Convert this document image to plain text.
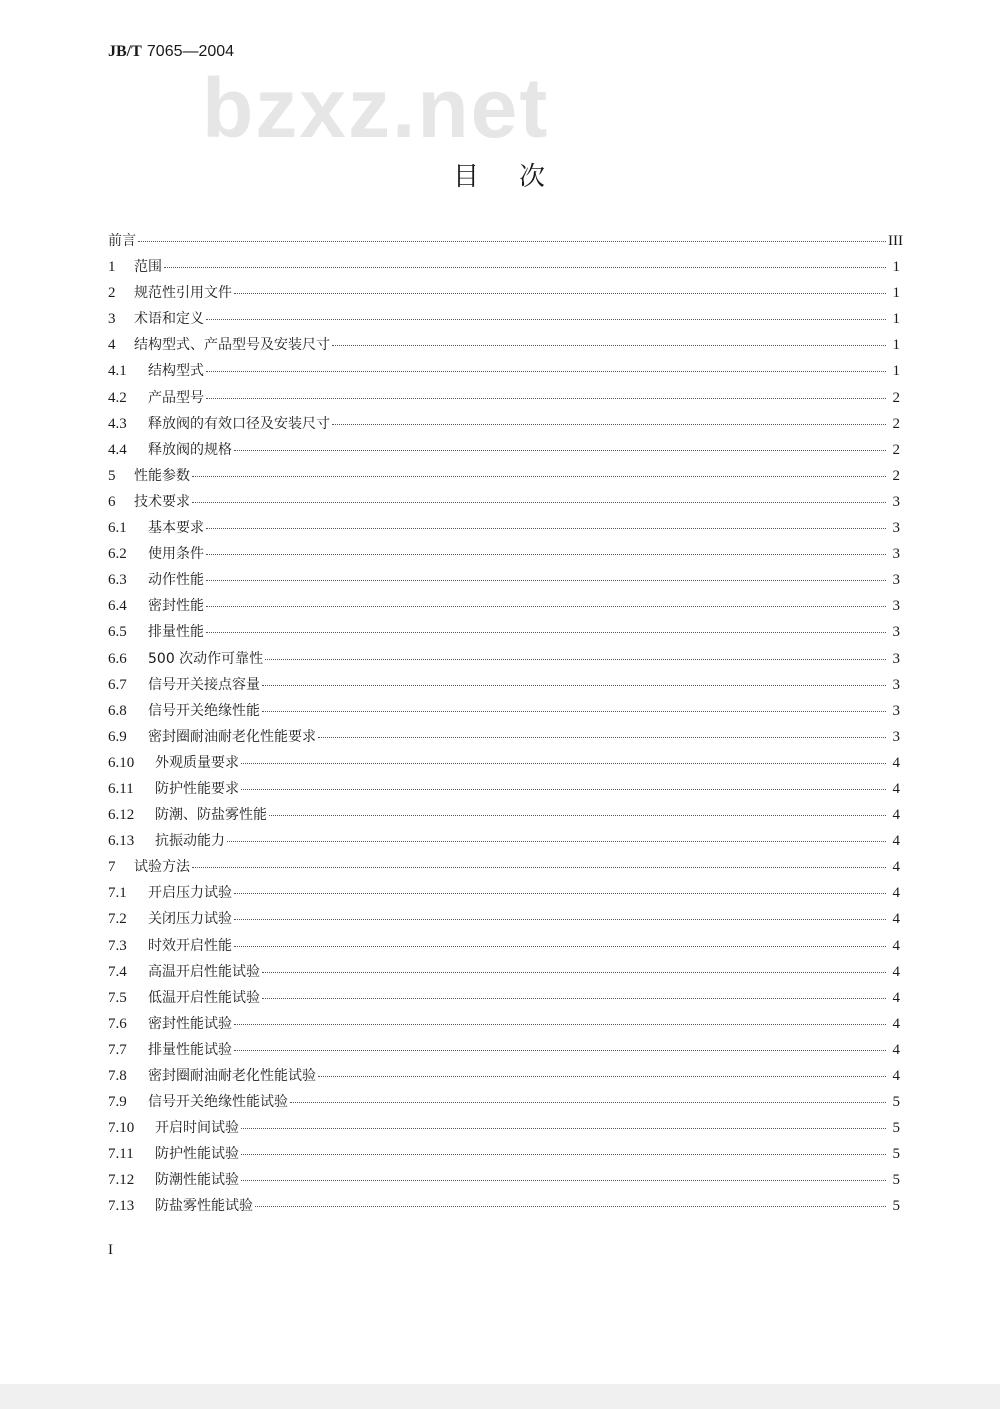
JB/T 7065—2004
bzxz.net
目次
前言	III
1	范围	1
2	规范性引用文件	1
3	术语和定义	1
4	结构型式、产品型号及安装尺寸	1
4.1	结构型式	1
4.2	产品型号	2
4.3	释放阀的有效口径及安装尺寸	2
4.4	释放阀的规格	2
5	性能参数	2
6	技术要求	3
6.1	基本要求	3
6.2	使用条件	3
6.3	动作性能	3
6.4	密封性能	3
6.5	排量性能	3
6.6	500 次动作可靠性	3
6.7	信号开关接点容量	3
6.8	信号开关绝缘性能	3
6.9	密封圈耐油耐老化性能要求	3
6.10	外观质量要求	4
6.11	防护性能要求	4
6.12	防潮、防盐雾性能	4
6.13	抗振动能力	4
7	试验方法	4
7.1	开启压力试验	4
7.2	关闭压力试验	4
7.3	时效开启性能	4
7.4	高温开启性能试验	4
7.5	低温开启性能试验	4
7.6	密封性能试验	4
7.7	排量性能试验	4
7.8	密封圈耐油耐老化性能试验	4
7.9	信号开关绝缘性能试验	5
7.10	开启时间试验	5
7.11	防护性能试验	5
7.12	防潮性能试验	5
7.13	防盐雾性能试验	5
I
